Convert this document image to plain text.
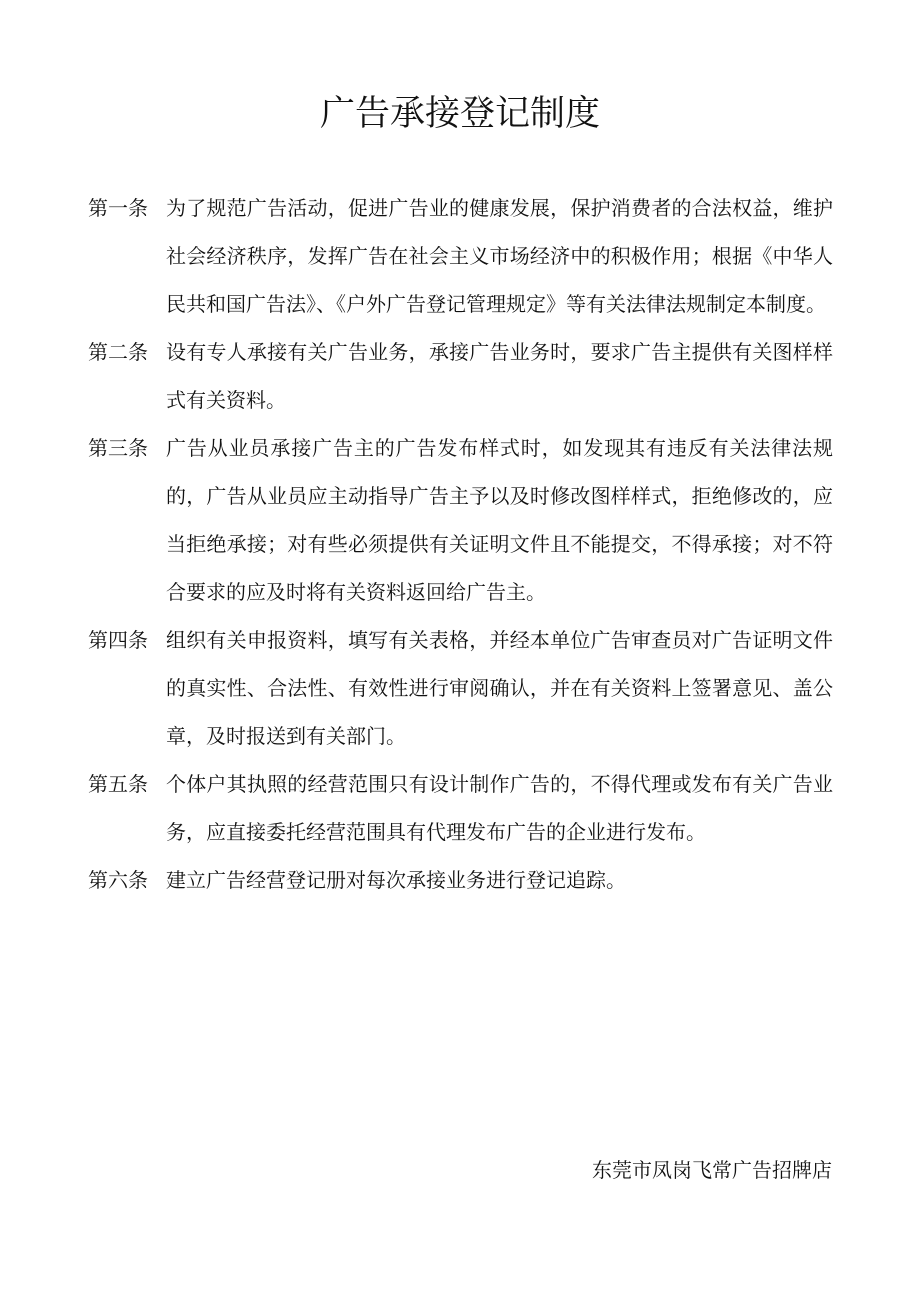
广告承接登记制度
第一条 为了规范广告活动，促进广告业的健康发展，保护消费者的合法权益，维护社会经济秩序，发挥广告在社会主义市场经济中的积极作用；根据《中华人民共和国广告法》、《户外广告登记管理规定》等有关法律法规制定本制度。
第二条 设有专人承接有关广告业务，承接广告业务时，要求广告主提供有关图样样式有关资料。
第三条 广告从业员承接广告主的广告发布样式时，如发现其有违反有关法律法规的，广告从业员应主动指导广告主予以及时修改图样样式，拒绝修改的，应当拒绝承接；对有些必须提供有关证明文件且不能提交，不得承接；对不符合要求的应及时将有关资料返回给广告主。
第四条 组织有关申报资料，填写有关表格，并经本单位广告审查员对广告证明文件的真实性、合法性、有效性进行审阅确认，并在有关资料上签署意见、盖公章，及时报送到有关部门。
第五条 个体户其执照的经营范围只有设计制作广告的，不得代理或发布有关广告业务，应直接委托经营范围具有代理发布广告的企业进行发布。
第六条 建立广告经营登记册对每次承接业务进行登记追踪。
东莞市凤岗飞常广告招牌店
